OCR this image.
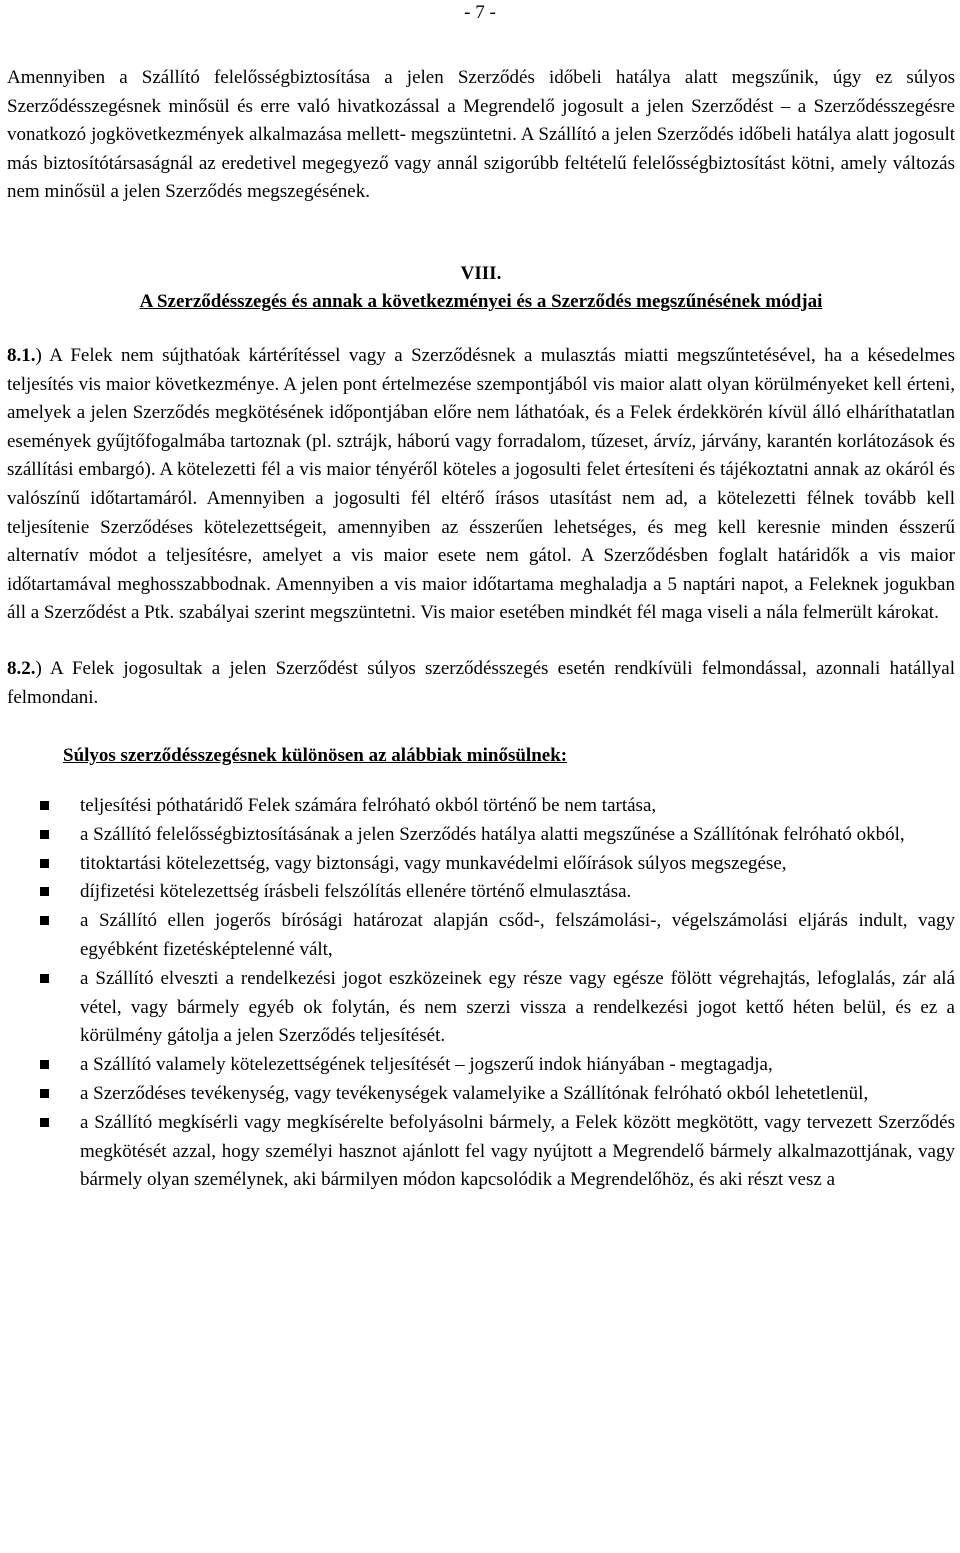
- 7 -

Amennyiben a Szállító felelősségbiztosítása a jelen Szerződés időbeli hatálya alatt megszűnik, úgy ez súlyos Szerződésszegésnek minősül és erre való hivatkozással a Megrendelő jogosult a jelen Szerződést – a Szerződésszegésre vonatkozó jogkövetkezmények alkalmazása mellett- megszüntetni. A Szállító a jelen Szerződés időbeli hatálya alatt jogosult más biztosítótársaságnál az eredetivel megegyező vagy annál szigorúbb feltételű felelősségbiztosítást kötni, amely változás nem minősül a jelen Szerződés megszegésének.

VIII.
A Szerződésszegés és annak a következményei és a Szerződés megszűnésének módjai

8.1.) A Felek nem sújthatóak kártérítéssel vagy a Szerződésnek a mulasztás miatti megszűntetésével, ha a késedelmes teljesítés vis maior következménye. A jelen pont értelmezése szempontjából vis maior alatt olyan körülményeket kell érteni, amelyek a jelen Szerződés megkötésének időpontjában előre nem láthatóak, és a Felek érdekkörén kívül álló elháríthatatlan események gyűjtőfogalmába tartoznak (pl. sztrájk, háború vagy forradalom, tűzeset, árvíz, járvány, karantén korlátozások és szállítási embargó). A kötelezetti fél a vis maior tényéről köteles a jogosulti felet értesíteni és tájékoztatni annak az okáról és valószínű időtartamáról. Amennyiben a jogosulti fél eltérő írásos utasítást nem ad, a kötelezetti félnek tovább kell teljesítenie Szerződéses kötelezettségeit, amennyiben az ésszerűen lehetséges, és meg kell keresnie minden ésszerű alternatív módot a teljesítésre, amelyet a vis maior esete nem gátol. A Szerződésben foglalt határidők a vis maior időtartamával meghosszabbodnak. Amennyiben a vis maior időtartama meghaladja a 5 naptári napot, a Feleknek jogukban áll a Szerződést a Ptk. szabályai szerint megszüntetni. Vis maior esetében mindkét fél maga viseli a nála felmerült károkat.

8.2.) A Felek jogosultak a jelen Szerződést súlyos szerződésszegés esetén rendkívüli felmondással, azonnali hatállyal felmondani.

Súlyos szerződésszegésnek különösen az alábbiak minősülnek:
teljesítési póthatáridő Felek számára felróható okból történő be nem tartása,
a Szállító felelősségbiztosításának a jelen Szerződés hatálya alatti megszűnése a Szállítónak felróható okból,
titoktartási kötelezettség, vagy biztonsági, vagy munkavédelmi előírások súlyos megszegése,
díjfizetési kötelezettség írásbeli felszólítás ellenére történő elmulasztása.
a Szállító ellen jogerős bírósági határozat alapján csőd-, felszámolási-, végelszámolási eljárás indult, vagy egyébként fizetésképtelenné vált,
a Szállító elveszti a rendelkezési jogot eszközeinek egy része vagy egésze fölött végrehajtás, lefoglalás, zár alá vétel, vagy bármely egyéb ok folytán, és nem szerzi vissza a rendelkezési jogot kettő héten belül, és ez a körülmény gátolja a jelen Szerződés teljesítését.
a Szállító valamely kötelezettségének teljesítését – jogszerű indok hiányában - megtagadja,
a Szerződéses tevékenység, vagy tevékenységek valamelyike a Szállítónak felróható okból lehetetlenül,
a Szállító megkísérli vagy megkísérelte befolyásolni bármely, a Felek között megkötött, vagy tervezett Szerződés megkötését azzal, hogy személyi hasznot ajánlott fel vagy nyújtott a Megrendelő bármely alkalmazottjának, vagy bármely olyan személynek, aki bármilyen módon kapcsolódik a Megrendelőhöz, és aki részt vesz a
